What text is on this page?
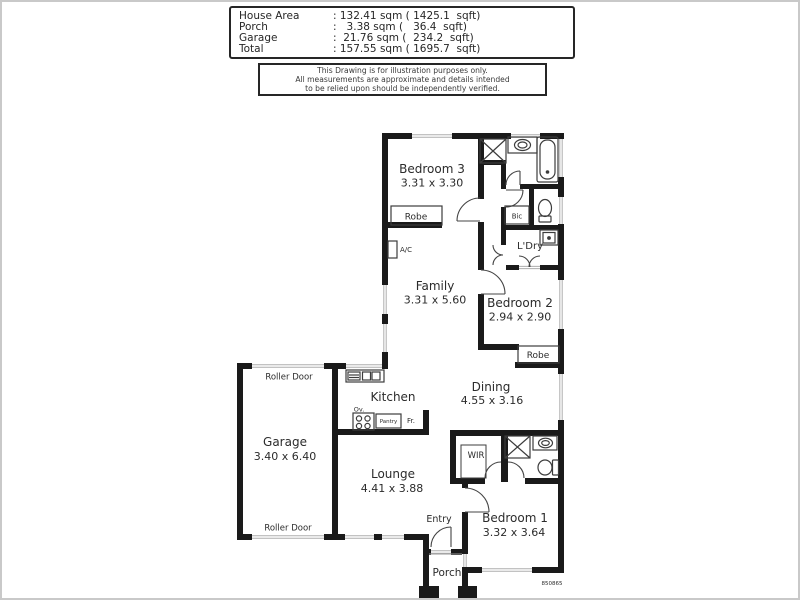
Bedroom 3
3.31 x 3.30
Robe
Family
3.31 x 5.60
Bic
L'Dry
Bedroom 2
2.94 x 2.90
Robe
Dining
4.55 x 3.16
Kitchen
Ov.
Pantry Fr.
Garage
3.40 x 6.40
Roller Door
Roller Door
Lounge
4.41 x 3.88
WIR
Bedroom 1
3.32 x 3.64
Entry
Porch
A/C
850865
House Area	: 132.41 sqm ( 1425.1  sqft)
Porch	:   3.38 sqm (   36.4  sqft)
Garage	:  21.76 sqm (  234.2  sqft)
Total	: 157.55 sqm ( 1695.7  sqft)
This Drawing is for illustration purposes only.
All measurements are approximate and details intended
to be relied upon should be independently verified.
